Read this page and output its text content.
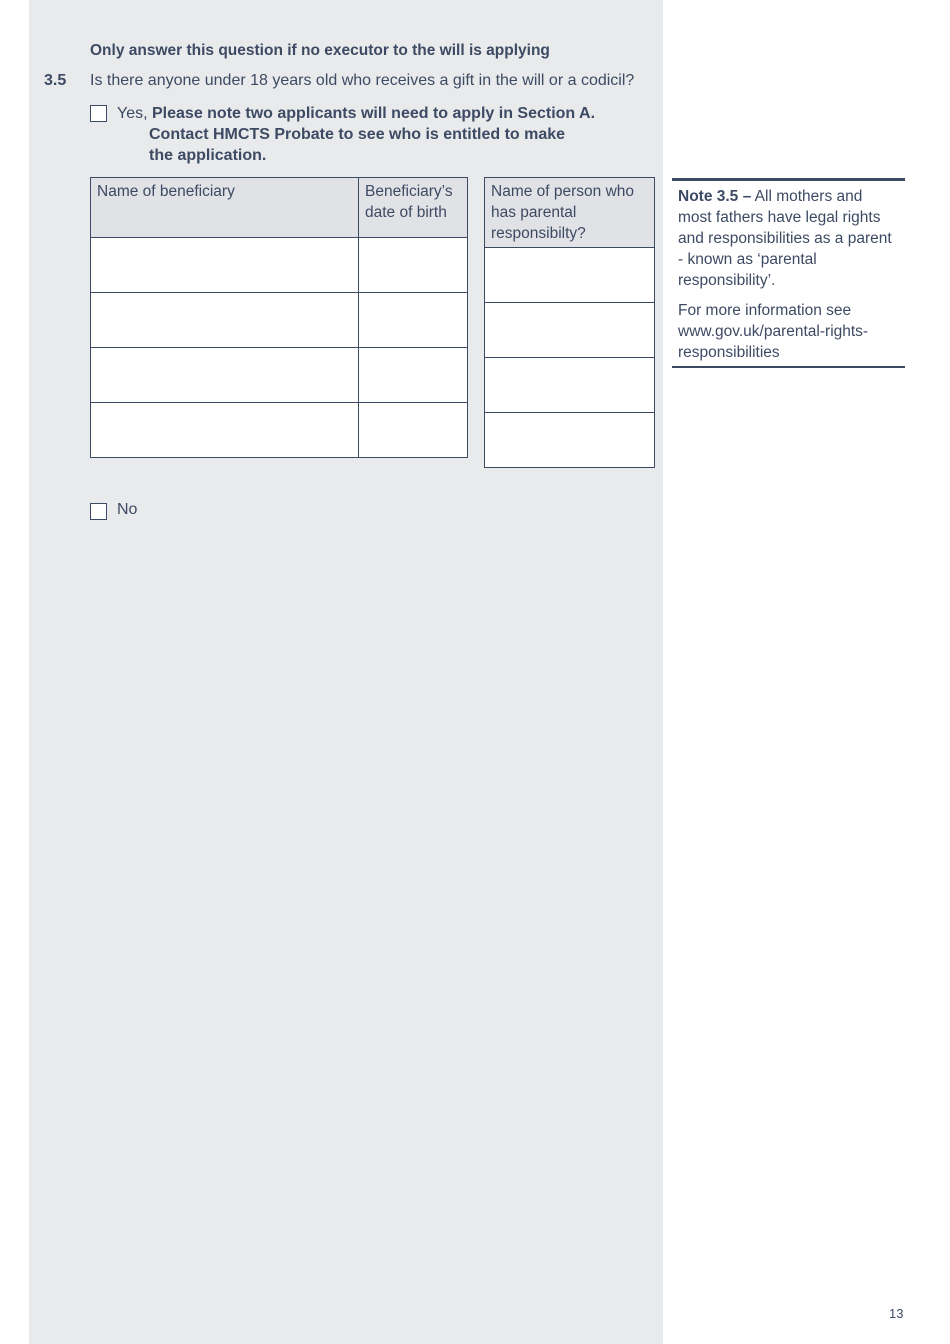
Only answer this question if no executor to the will is applying
3.5 Is there anyone under 18 years old who receives a gift in the will or a codicil?
Yes, Please note two applicants will need to apply in Section A.
Contact HMCTS Probate to see who is entitled to make
the application.
Name of beneficiary	Beneficiary’s date of birth

Name of person who has parental responsibilty?

No

Note 3.5 – All mothers and most fathers have legal rights and responsibilities as a parent - known as ‘parental responsibility’.

For more information see www.gov.uk/parental-rights-responsibilities

13
